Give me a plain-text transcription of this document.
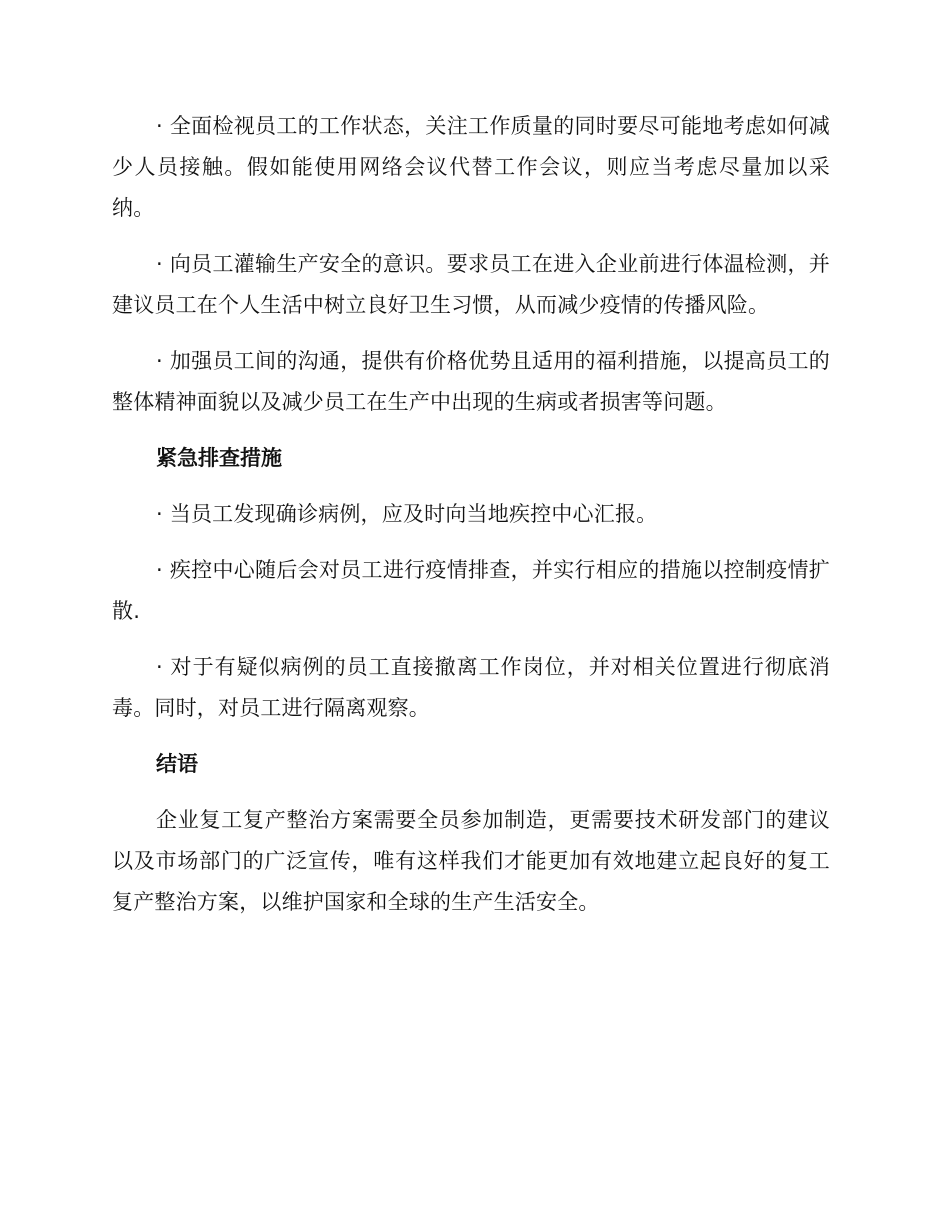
· 全面检视员工的工作状态，关注工作质量的同时要尽可能地考虑如何减少人员接触。假如能使用网络会议代替工作会议，则应当考虑尽量加以采纳。

· 向员工灌输生产安全的意识。要求员工在进入企业前进行体温检测，并建议员工在个人生活中树立良好卫生习惯，从而减少疫情的传播风险。

· 加强员工间的沟通，提供有价格优势且适用的福利措施，以提高员工的整体精神面貌以及减少员工在生产中出现的生病或者损害等问题。

紧急排查措施

· 当员工发现确诊病例，应及时向当地疾控中心汇报。

· 疾控中心随后会对员工进行疫情排查，并实行相应的措施以控制疫情扩散.

· 对于有疑似病例的员工直接撤离工作岗位，并对相关位置进行彻底消毒。同时，对员工进行隔离观察。

结语

企业复工复产整治方案需要全员参加制造，更需要技术研发部门的建议以及市场部门的广泛宣传，唯有这样我们才能更加有效地建立起良好的复工复产整治方案，以维护国家和全球的生产生活安全。
